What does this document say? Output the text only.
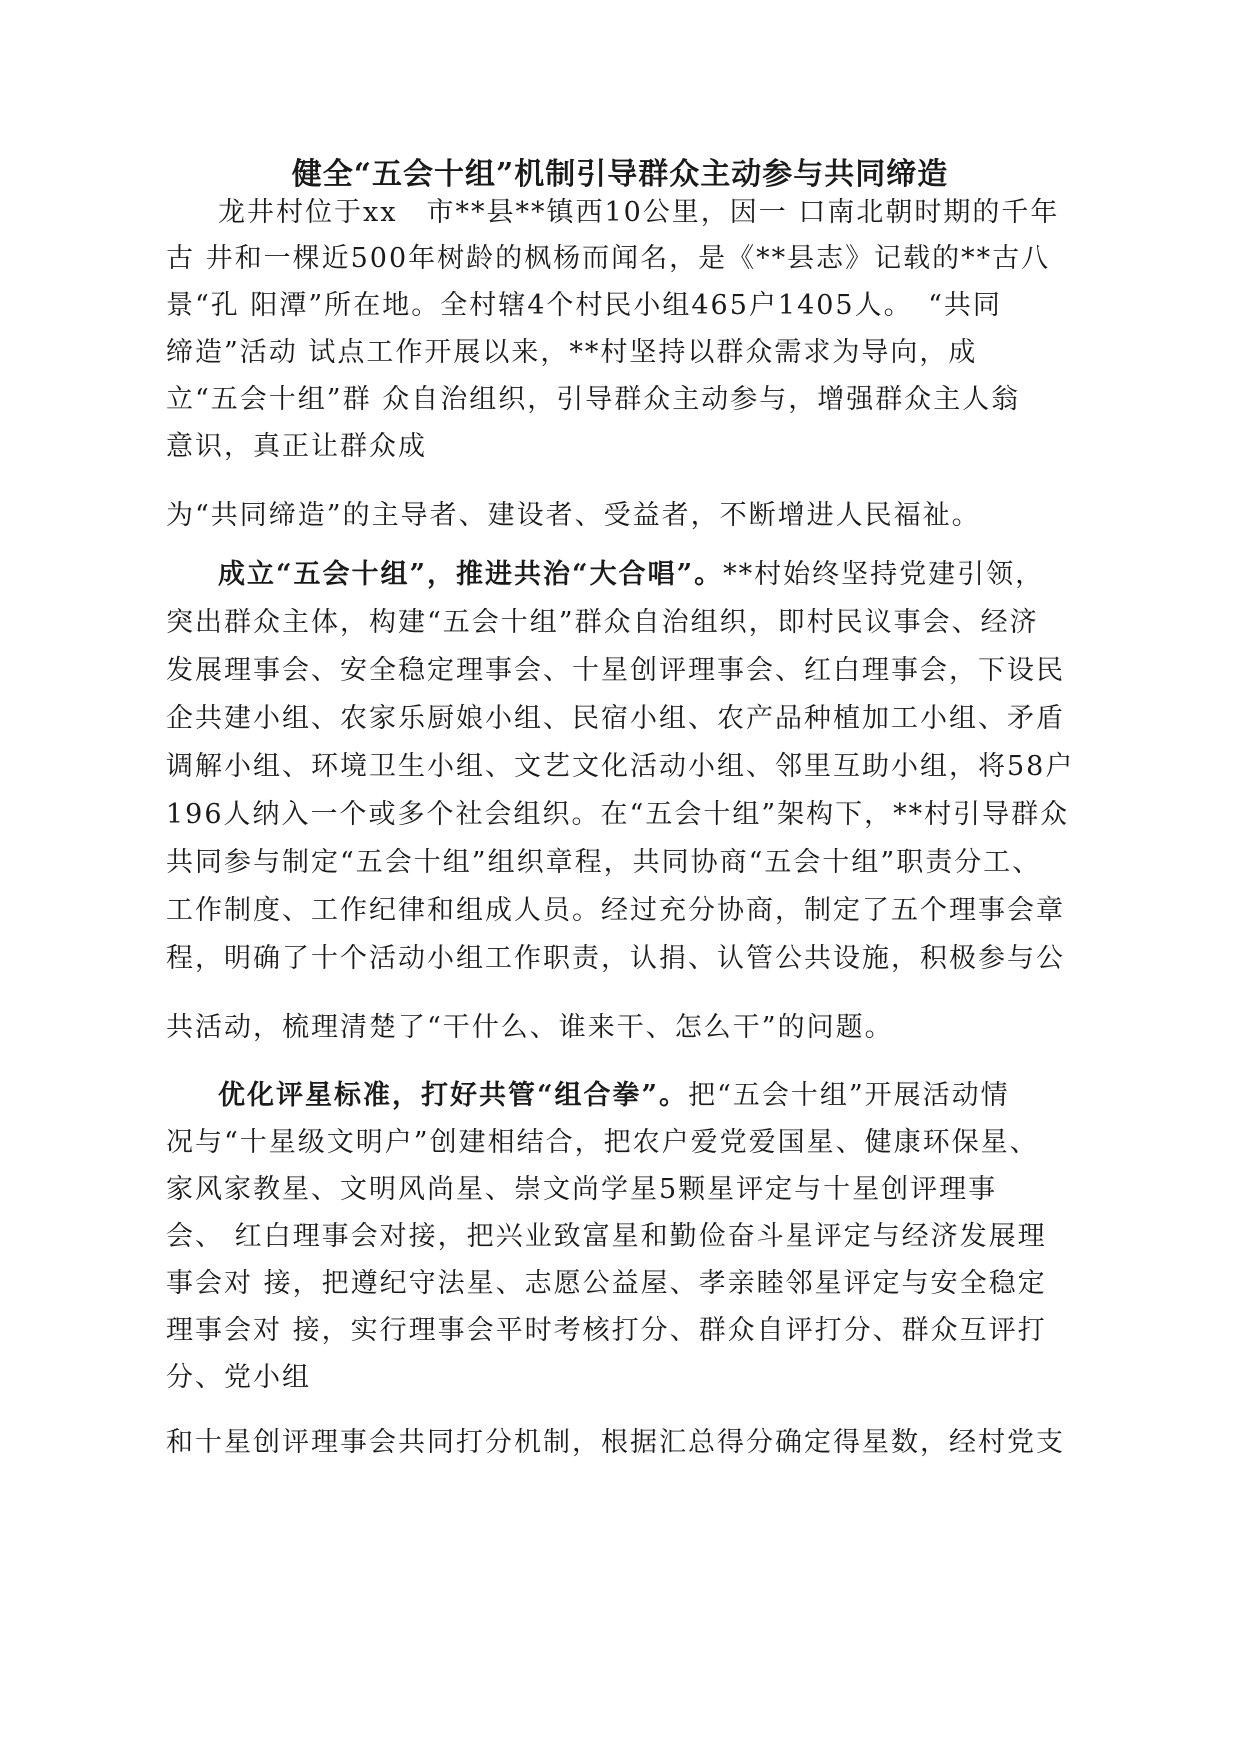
健全“五会十组”机制引导群众主动参与共同缔造
龙井村位于xx　市**县**镇西10公里，因一 口南北朝时期的千年
古 井和一棵近500年树龄的枫杨而闻名，是《**县志》记载的**古八
景“孔 阳潭”所在地。全村辖4个村民小组465户1405人。　“共同
缔造”活动 试点工作开展以来，**村坚持以群众需求为导向，成
立“五会十组”群 众自治组织，引导群众主动参与，增强群众主人翁
意识，真正让群众成
为“共同缔造”的主导者、建设者、受益者，不断增进人民福祉。
成立“五会十组”，推进共治“大合唱”。**村始终坚持党建引领，
突出群众主体，构建“五会十组”群众自治组织，即村民议事会、经济
发展理事会、安全稳定理事会、十星创评理事会、红白理事会，下设民
企共建小组、农家乐厨娘小组、民宿小组、农产品种植加工小组、矛盾
调解小组、环境卫生小组、文艺文化活动小组、邻里互助小组，将58户
196人纳入一个或多个社会组织。在“五会十组”架构下，**村引导群众
共同参与制定“五会十组”组织章程，共同协商“五会十组”职责分工、
工作制度、工作纪律和组成人员。经过充分协商，制定了五个理事会章
程，明确了十个活动小组工作职责，认捐、认管公共设施，积极参与公
共活动，梳理清楚了“干什么、谁来干、怎么干”的问题。
优化评星标准，打好共管“组合拳”。把“五会十组”开展活动情
况与“十星级文明户”创建相结合，把农户爱党爱国星、健康环保星、
家风家教星、文明风尚星、崇文尚学星5颗星评定与十星创评理事
会、 红白理事会对接，把兴业致富星和勤俭奋斗星评定与经济发展理
事会对 接，把遵纪守法星、志愿公益屋、孝亲睦邻星评定与安全稳定
理事会对 接，实行理事会平时考核打分、群众自评打分、群众互评打
分、党小组
和十星创评理事会共同打分机制，根据汇总得分确定得星数，经村党支
